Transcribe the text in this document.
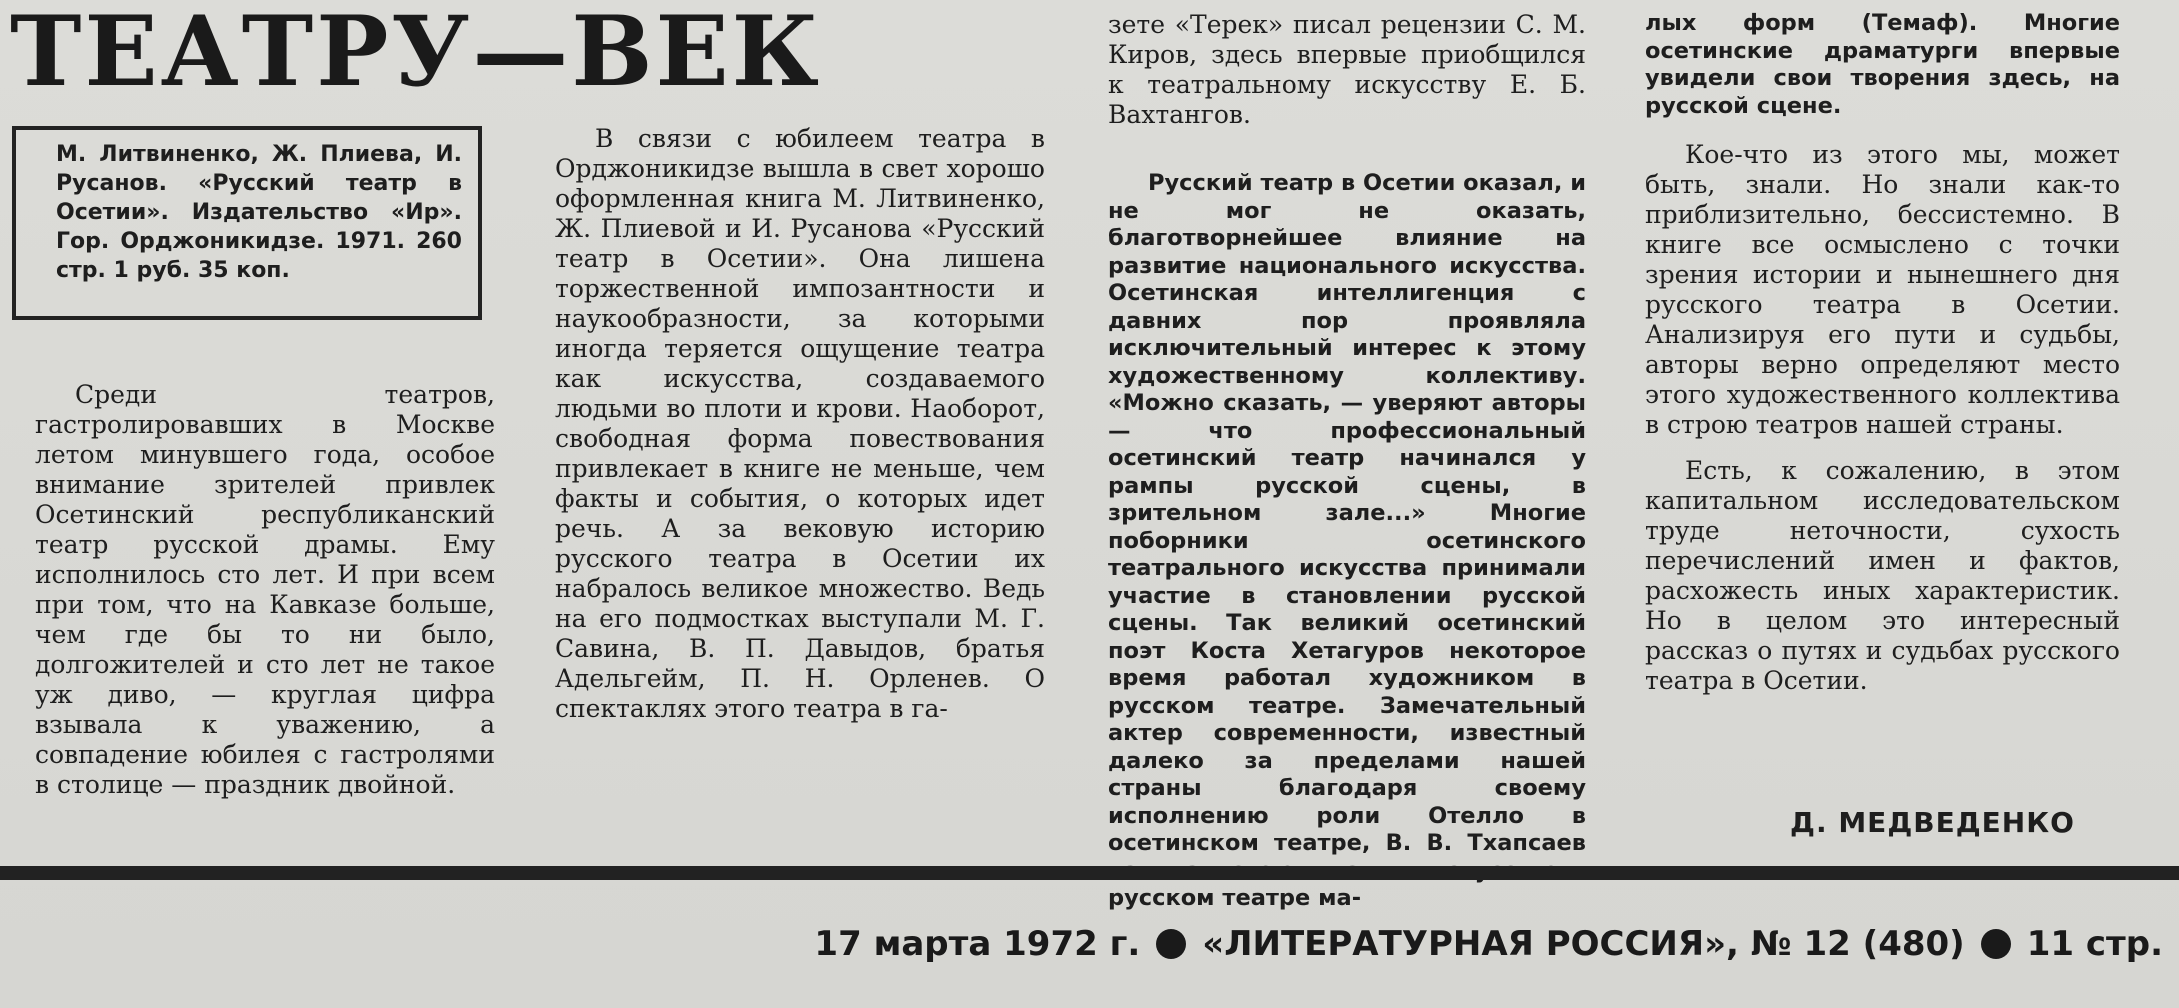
ТЕАТРУ—ВЕК
М. Литвиненко, Ж. Плиева, И. Русанов. «Русский театр в Осетии». Издательство «Ир». Гор. Орджоникидзе. 1971. 260 стр. 1 руб. 35 коп.

Среди театров, гастролировавших в Москве летом минувшего года, особое внимание зрителей привлек Осетинский республиканский театр русской драмы. Ему исполнилось сто лет. И при всем при том, что на Кавказе больше, чем где бы то ни было, долгожителей и сто лет не такое уж диво, — круглая цифра взывала к уважению, а совпадение юбилея с гастролями в столице — праздник двойной.

В связи с юбилеем театра в Орджоникидзе вышла в свет хорошо оформленная книга М. Литвиненко, Ж. Плиевой и И. Русанова «Русский театр в Осетии». Она лишена торжественной импозантности и наукообразности, за которыми иногда теряется ощущение театра как искусства, создаваемого людьми во плоти и крови. Наоборот, свободная форма повествования привлекает в книге не меньше, чем факты и события, о которых идет речь. А за вековую историю русского театра в Осетии их набралось великое множество. Ведь на его подмостках выступали М. Г. Савина, В. П. Давыдов, братья Адельгейм, П. Н. Орленев. О спектаклях этого театра в га-

зете «Терек» писал рецензии С. М. Киров, здесь впервые приобщился к театральному искусству Е. Б. Вахтангов.

Русский театр в Осетии оказал, и не мог не оказать, благотворнейшее влияние на развитие национального искусства. Осетинская интеллигенция с давних пор проявляла исключительный интерес к этому художественному коллективу. «Можно сказать, — уверяют авторы — что профессиональный осетинский театр начинался у рампы русской сцены, в зрительном зале...» Многие поборники осетинского театрального искусства принимали участие в становлении русской сцены. Так великий осетинский поэт Коста Хетагуров некоторое время работал художником в русском театре. Замечательный актер современности, известный далеко за пределами нашей страны благодаря своему исполнению роли Отелло в осетинском театре, В. В. Тхапсаев русском театре ма-

лых форм (Темаф). Многие осетинские драматурги впервые увидели свои творения здесь, на русской сцене.

Кое-что из этого мы, может быть, знали. Но знали как-то приблизительно, бессистемно. В книге все осмыслено с точки зрения истории и нынешнего дня русского театра в Осетии. Анализируя его пути и судьбы, авторы верно определяют место этого художественного коллектива в строю театров нашей страны.

Есть, к сожалению, в этом капитальном исследовательском труде неточности, сухость перечислений имен и фактов, расхожесть иных характеристик. Но в целом это интересный рассказ о путях и судьбах русского театра в Осетии.

Д. МЕДВЕДЕНКО
17 марта 1972 г. «ЛИТЕРАТУРНАЯ РОССИЯ», № 12 (480) 11 стр.
